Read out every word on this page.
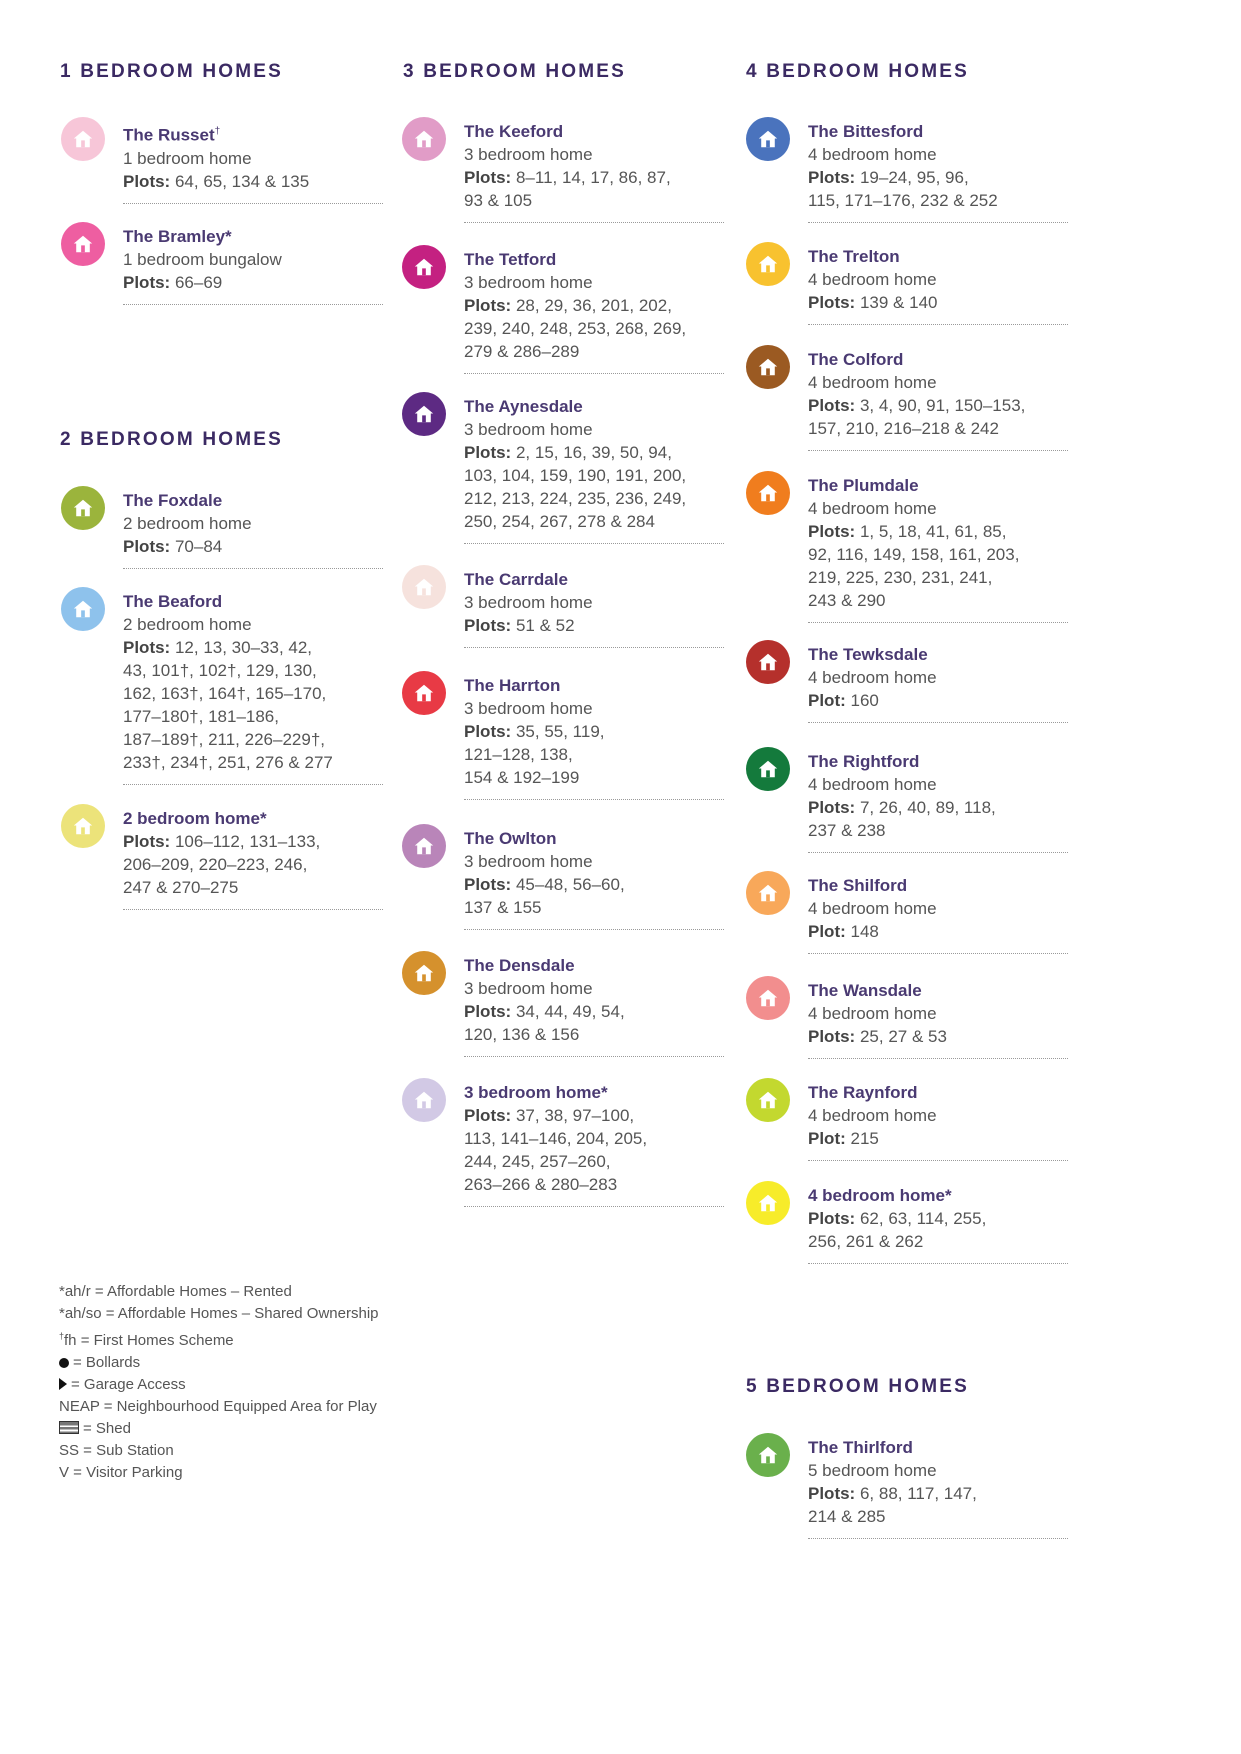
1 BEDROOM HOMES
The Russet†
1 bedroom home
Plots: 64, 65, 134 & 135
The Bramley*
1 bedroom bungalow
Plots: 66–69
2 BEDROOM HOMES
The Foxdale
2 bedroom home
Plots: 70–84
The Beaford
2 bedroom home
Plots: 12, 13, 30–33, 42,
43, 101†, 102†, 129, 130,
162, 163†, 164†, 165–170,
177–180†, 181–186,
187–189†, 211, 226–229†,
233†, 234†, 251, 276 & 277
2 bedroom home*
Plots: 106–112, 131–133,
206–209, 220–223, 246,
247 & 270–275
3 BEDROOM HOMES
The Keeford
3 bedroom home
Plots: 8–11, 14, 17, 86, 87,
93 & 105
The Tetford
3 bedroom home
Plots: 28, 29, 36, 201, 202,
239, 240, 248, 253, 268, 269,
279 & 286–289
The Aynesdale
3 bedroom home
Plots: 2, 15, 16, 39, 50, 94,
103, 104, 159, 190, 191, 200,
212, 213, 224, 235, 236, 249,
250, 254, 267, 278 & 284
The Carrdale
3 bedroom home
Plots: 51 & 52
The Harrton
3 bedroom home
Plots: 35, 55, 119,
121–128, 138,
154 & 192–199
The Owlton
3 bedroom home
Plots: 45–48, 56–60,
137 & 155
The Densdale
3 bedroom home
Plots: 34, 44, 49, 54,
120, 136 & 156
3 bedroom home*
Plots: 37, 38, 97–100,
113, 141–146, 204, 205,
244, 245, 257–260,
263–266 & 280–283
4 BEDROOM HOMES
The Bittesford
4 bedroom home
Plots: 19–24, 95, 96,
115, 171–176, 232 & 252
The Trelton
4 bedroom home
Plots: 139 & 140
The Colford
4 bedroom home
Plots: 3, 4, 90, 91, 150–153,
157, 210, 216–218 & 242
The Plumdale
4 bedroom home
Plots: 1, 5, 18, 41, 61, 85,
92, 116, 149, 158, 161, 203,
219, 225, 230, 231, 241,
243 & 290
The Tewksdale
4 bedroom home
Plot: 160
The Rightford
4 bedroom home
Plots: 7, 26, 40, 89, 118,
237 & 238
The Shilford
4 bedroom home
Plot: 148
The Wansdale
4 bedroom home
Plots: 25, 27 & 53
The Raynford
4 bedroom home
Plot: 215
4 bedroom home*
Plots: 62, 63, 114, 255,
256, 261 & 262
5 BEDROOM HOMES
The Thirlford
5 bedroom home
Plots: 6, 88, 117, 147,
214 & 285
*ah/r = Affordable Homes – Rented
*ah/so = Affordable Homes – Shared Ownership
†fh = First Homes Scheme
= Bollards
= Garage Access
NEAP = Neighbourhood Equipped Area for Play
= Shed
SS = Sub Station
V = Visitor Parking
